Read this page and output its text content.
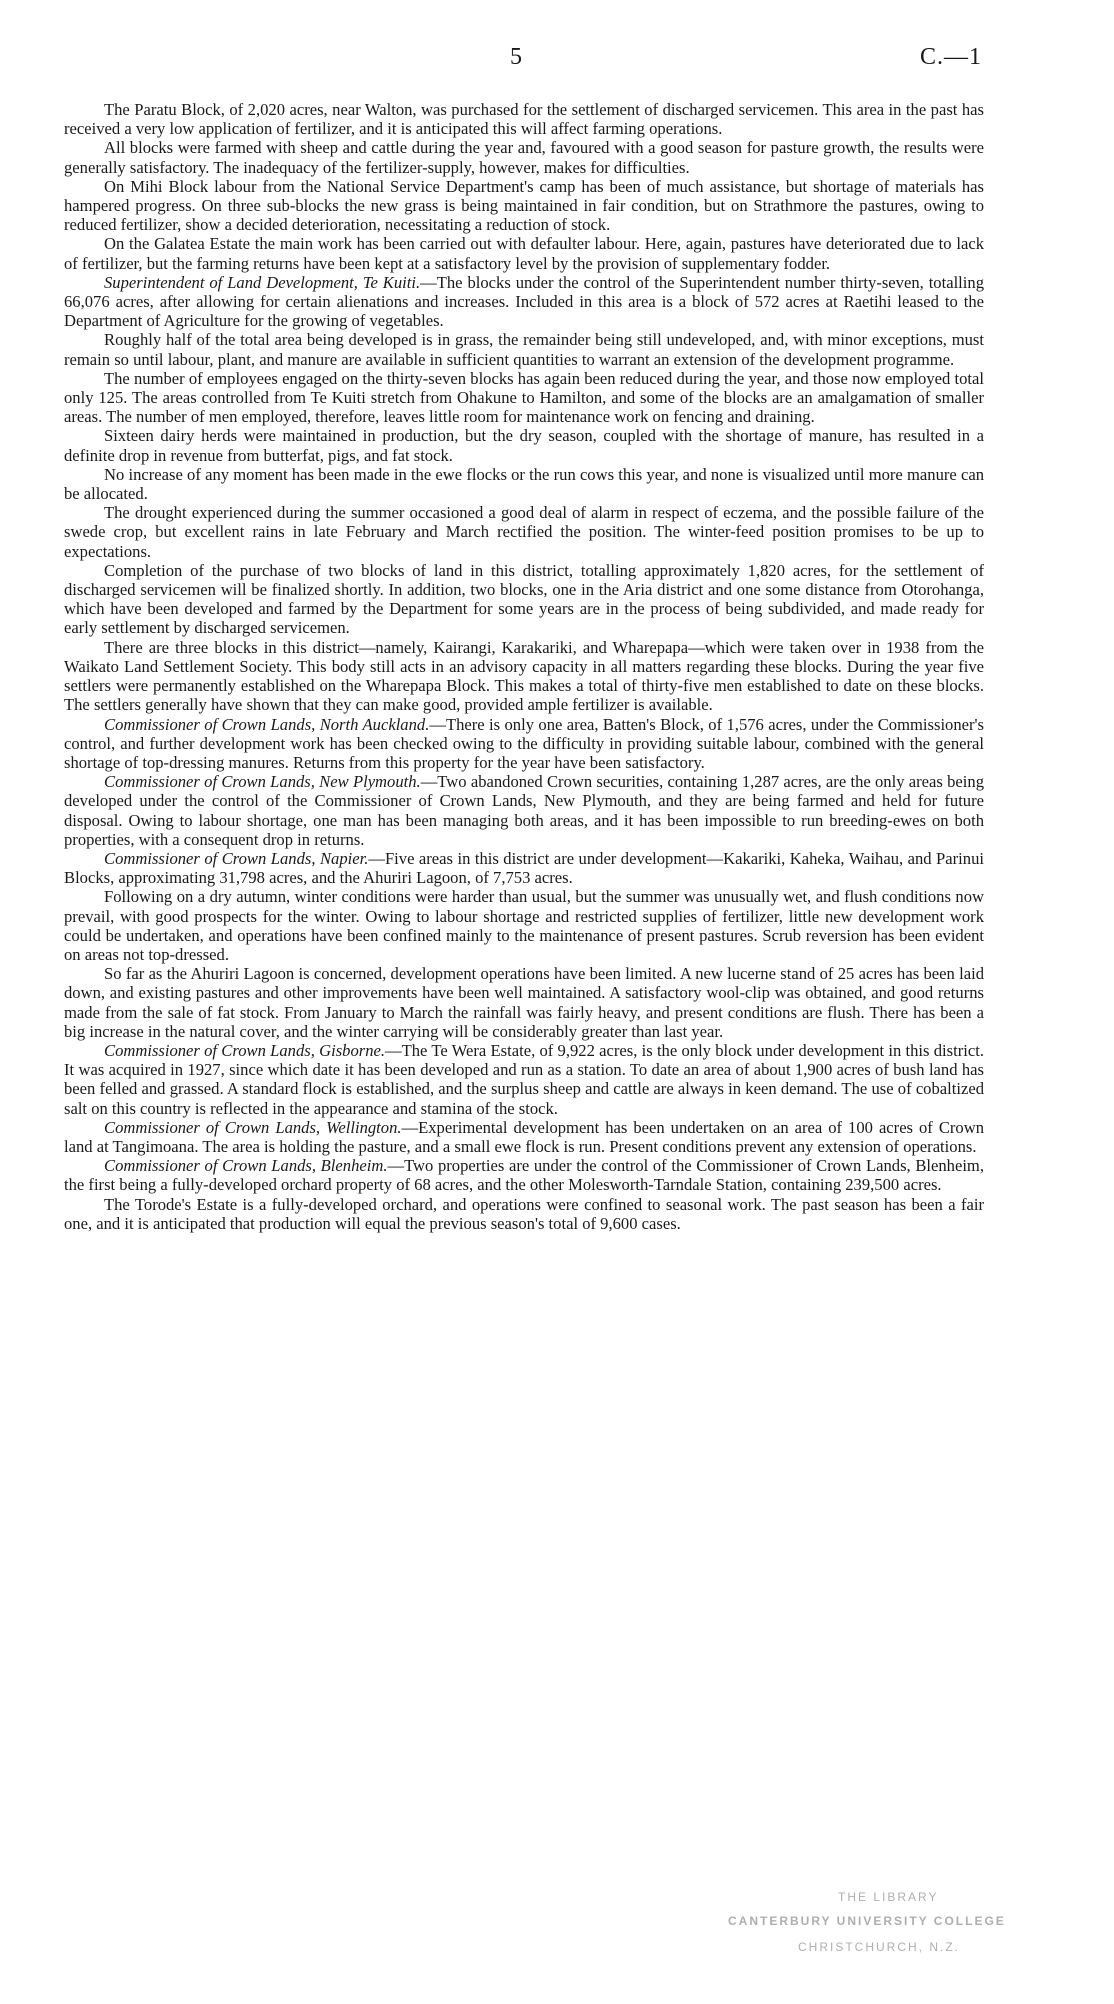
5	C.—1

The Paratu Block, of 2,020 acres, near Walton, was purchased for the settlement of discharged servicemen. This area in the past has received a very low application of fertilizer, and it is anticipated this will affect farming operations.

All blocks were farmed with sheep and cattle during the year and, favoured with a good season for pasture growth, the results were generally satisfactory. The inadequacy of the fertilizer-supply, however, makes for difficulties.

On Mihi Block labour from the National Service Department's camp has been of much assistance, but shortage of materials has hampered progress. On three sub-blocks the new grass is being maintained in fair condition, but on Strathmore the pastures, owing to reduced fertilizer, show a decided deterioration, necessitating a reduction of stock.

On the Galatea Estate the main work has been carried out with defaulter labour. Here, again, pastures have deteriorated due to lack of fertilizer, but the farming returns have been kept at a satisfactory level by the provision of supplementary fodder.

Superintendent of Land Development, Te Kuiti.—The blocks under the control of the Superintendent number thirty-seven, totalling 66,076 acres, after allowing for certain alienations and increases. Included in this area is a block of 572 acres at Raetihi leased to the Department of Agriculture for the growing of vegetables.

Roughly half of the total area being developed is in grass, the remainder being still undeveloped, and, with minor exceptions, must remain so until labour, plant, and manure are available in sufficient quantities to warrant an extension of the development programme.

The number of employees engaged on the thirty-seven blocks has again been reduced during the year, and those now employed total only 125. The areas controlled from Te Kuiti stretch from Ohakune to Hamilton, and some of the blocks are an amalgamation of smaller areas. The number of men employed, therefore, leaves little room for maintenance work on fencing and draining.

Sixteen dairy herds were maintained in production, but the dry season, coupled with the shortage of manure, has resulted in a definite drop in revenue from butterfat, pigs, and fat stock.

No increase of any moment has been made in the ewe flocks or the run cows this year, and none is visualized until more manure can be allocated.

The drought experienced during the summer occasioned a good deal of alarm in respect of eczema, and the possible failure of the swede crop, but excellent rains in late February and March rectified the position. The winter-feed position promises to be up to expectations.

Completion of the purchase of two blocks of land in this district, totalling approximately 1,820 acres, for the settlement of discharged servicemen will be finalized shortly. In addition, two blocks, one in the Aria district and one some distance from Otorohanga, which have been developed and farmed by the Department for some years are in the process of being subdivided, and made ready for early settlement by discharged servicemen.

There are three blocks in this district—namely, Kairangi, Karakariki, and Wharepapa—which were taken over in 1938 from the Waikato Land Settlement Society. This body still acts in an advisory capacity in all matters regarding these blocks. During the year five settlers were permanently established on the Wharepapa Block. This makes a total of thirty-five men established to date on these blocks. The settlers generally have shown that they can make good, provided ample fertilizer is available.

Commissioner of Crown Lands, North Auckland.—There is only one area, Batten's Block, of 1,576 acres, under the Commissioner's control, and further development work has been checked owing to the difficulty in providing suitable labour, combined with the general shortage of top-dressing manures. Returns from this property for the year have been satisfactory.

Commissioner of Crown Lands, New Plymouth.—Two abandoned Crown securities, containing 1,287 acres, are the only areas being developed under the control of the Commissioner of Crown Lands, New Plymouth, and they are being farmed and held for future disposal. Owing to labour shortage, one man has been managing both areas, and it has been impossible to run breeding-ewes on both properties, with a consequent drop in returns.

Commissioner of Crown Lands, Napier.—Five areas in this district are under development—Kakariki, Kaheka, Waihau, and Parinui Blocks, approximating 31,798 acres, and the Ahuriri Lagoon, of 7,753 acres.

Following on a dry autumn, winter conditions were harder than usual, but the summer was unusually wet, and flush conditions now prevail, with good prospects for the winter. Owing to labour shortage and restricted supplies of fertilizer, little new development work could be undertaken, and operations have been confined mainly to the maintenance of present pastures. Scrub reversion has been evident on areas not top-dressed.

So far as the Ahuriri Lagoon is concerned, development operations have been limited. A new lucerne stand of 25 acres has been laid down, and existing pastures and other improvements have been well maintained. A satisfactory wool-clip was obtained, and good returns made from the sale of fat stock. From January to March the rainfall was fairly heavy, and present conditions are flush. There has been a big increase in the natural cover, and the winter carrying will be considerably greater than last year.

Commissioner of Crown Lands, Gisborne.—The Te Wera Estate, of 9,922 acres, is the only block under development in this district. It was acquired in 1927, since which date it has been developed and run as a station. To date an area of about 1,900 acres of bush land has been felled and grassed. A standard flock is established, and the surplus sheep and cattle are always in keen demand. The use of cobaltized salt on this country is reflected in the appearance and stamina of the stock.

Commissioner of Crown Lands, Wellington.—Experimental development has been undertaken on an area of 100 acres of Crown land at Tangimoana. The area is holding the pasture, and a small ewe flock is run. Present conditions prevent any extension of operations.

Commissioner of Crown Lands, Blenheim.—Two properties are under the control of the Commissioner of Crown Lands, Blenheim, the first being a fully-developed orchard property of 68 acres, and the other Molesworth-Tarndale Station, containing 239,500 acres.

The Torode's Estate is a fully-developed orchard, and operations were confined to seasonal work. The past season has been a fair one, and it is anticipated that production will equal the previous season's total of 9,600 cases.

THE LIBRARY
CANTERBURY UNIVERSITY COLLEGE
CHRISTCHURCH, N.Z.
